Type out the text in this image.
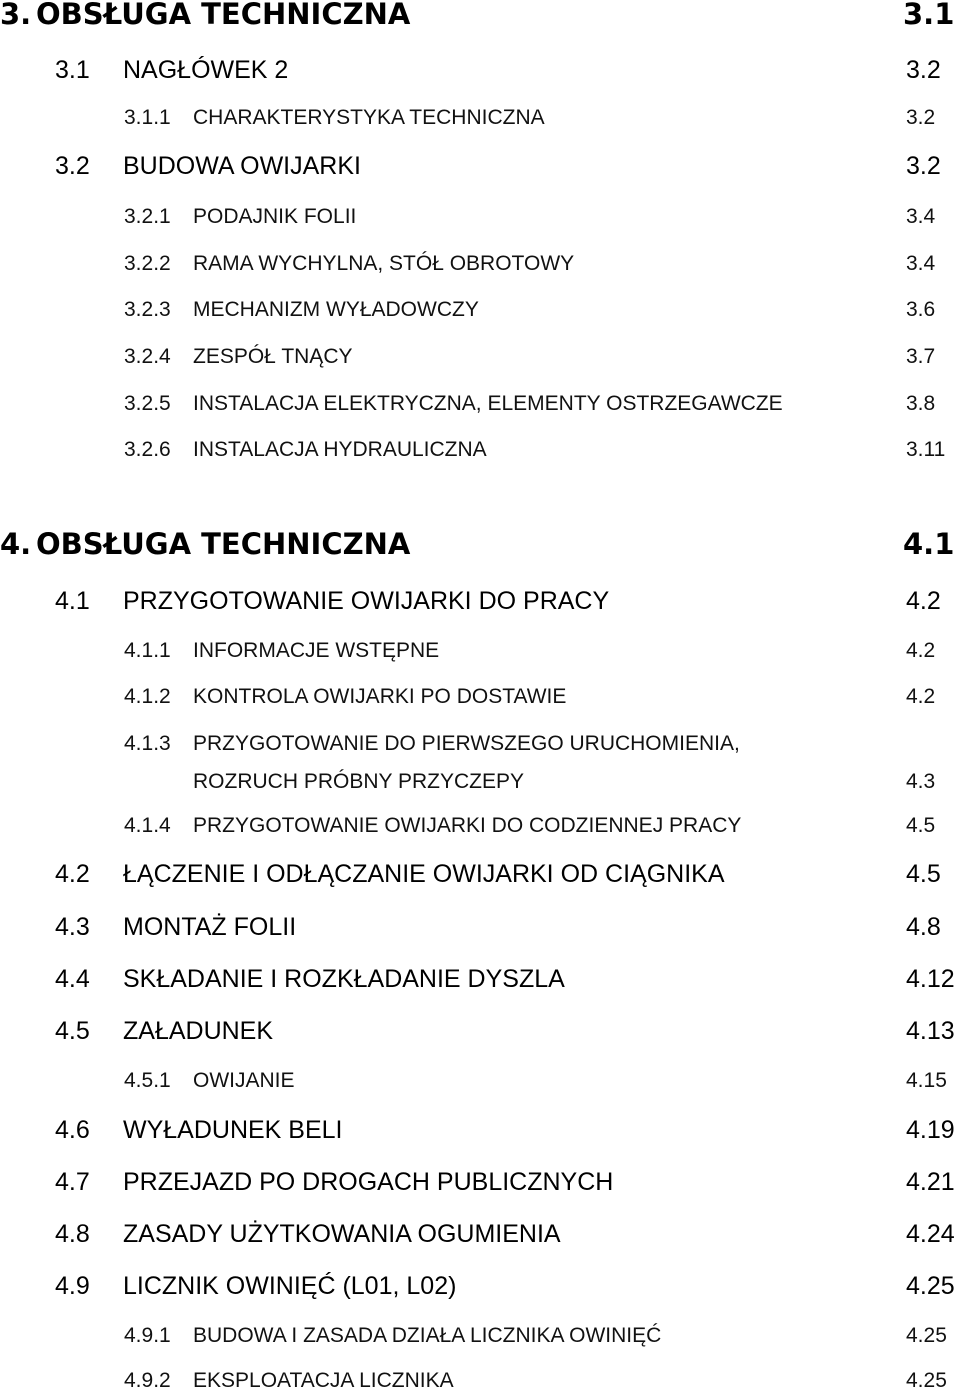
3. OBSŁUGA TECHNICZNA	3.1
3.1 NAGŁÓWEK 2	3.2
3.1.1 CHARAKTERYSTYKA TECHNICZNA	3.2
3.2 BUDOWA OWIJARKI	3.2
3.2.1 PODAJNIK FOLII	3.4
3.2.2 RAMA WYCHYLNA, STÓŁ OBROTOWY	3.4
3.2.3 MECHANIZM WYŁADOWCZY	3.6
3.2.4 ZESPÓŁ TNĄCY	3.7
3.2.5 INSTALACJA ELEKTRYCZNA, ELEMENTY OSTRZEGAWCZE	3.8
3.2.6 INSTALACJA HYDRAULICZNA	3.11
4. OBSŁUGA TECHNICZNA	4.1
4.1 PRZYGOTOWANIE OWIJARKI DO PRACY	4.2
4.1.1 INFORMACJE WSTĘPNE	4.2
4.1.2 KONTROLA OWIJARKI PO DOSTAWIE	4.2
4.1.3 PRZYGOTOWANIE DO PIERWSZEGO URUCHOMIENIA,
ROZRUCH PRÓBNY PRZYCZEPY	4.3
4.1.4 PRZYGOTOWANIE OWIJARKI DO CODZIENNEJ PRACY	4.5
4.2 ŁĄCZENIE I ODŁĄCZANIE OWIJARKI OD CIĄGNIKA	4.5
4.3 MONTAŻ FOLII	4.8
4.4 SKŁADANIE I ROZKŁADANIE DYSZLA	4.12
4.5 ZAŁADUNEK	4.13
4.5.1 OWIJANIE	4.15
4.6 WYŁADUNEK BELI	4.19
4.7 PRZEJAZD PO DROGACH PUBLICZNYCH	4.21
4.8 ZASADY UŻYTKOWANIA OGUMIENIA	4.24
4.9 LICZNIK OWINIĘĆ (L01, L02)	4.25
4.9.1 BUDOWA I ZASADA DZIAŁA LICZNIKA OWINIĘĆ	4.25
4.9.2 EKSPLOATACJA LICZNIKA	4.25
